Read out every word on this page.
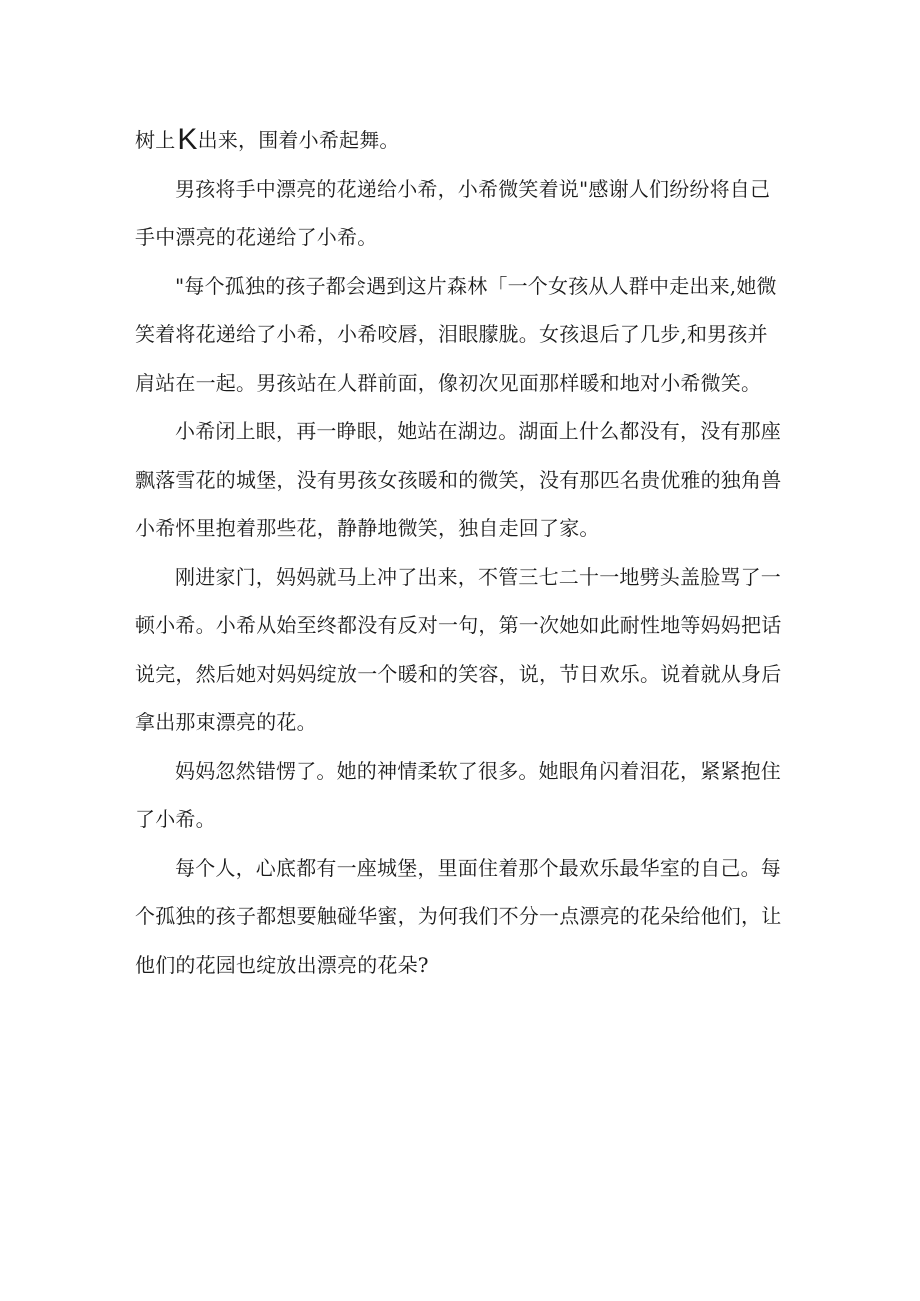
树上K出来，围着小希起舞。

男孩将手中漂亮的花递给小希，小希微笑着说"感谢人们纷纷将自己手中漂亮的花递给了小希。

"每个孤独的孩子都会遇到这片森林「一个女孩从人群中走出来,她微笑着将花递给了小希，小希咬唇，泪眼朦胧。女孩退后了几步,和男孩并肩站在一起。男孩站在人群前面，像初次见面那样暖和地对小希微笑。

小希闭上眼，再一睁眼，她站在湖边。湖面上什么都没有，没有那座飘落雪花的城堡，没有男孩女孩暖和的微笑，没有那匹名贵优雅的独角兽小希怀里抱着那些花，静静地微笑，独自走回了家。

刚进家门，妈妈就马上冲了出来，不管三七二十一地劈头盖脸骂了一顿小希。小希从始至终都没有反对一句，第一次她如此耐性地等妈妈把话说完，然后她对妈妈绽放一个暖和的笑容，说，节日欢乐。说着就从身后拿出那束漂亮的花。

妈妈忽然错愣了。她的神情柔软了很多。她眼角闪着泪花，紧紧抱住了小希。

每个人，心底都有一座城堡，里面住着那个最欢乐最华室的自己。每个孤独的孩子都想要触碰华蜜，为何我们不分一点漂亮的花朵给他们，让他们的花园也绽放出漂亮的花朵?
